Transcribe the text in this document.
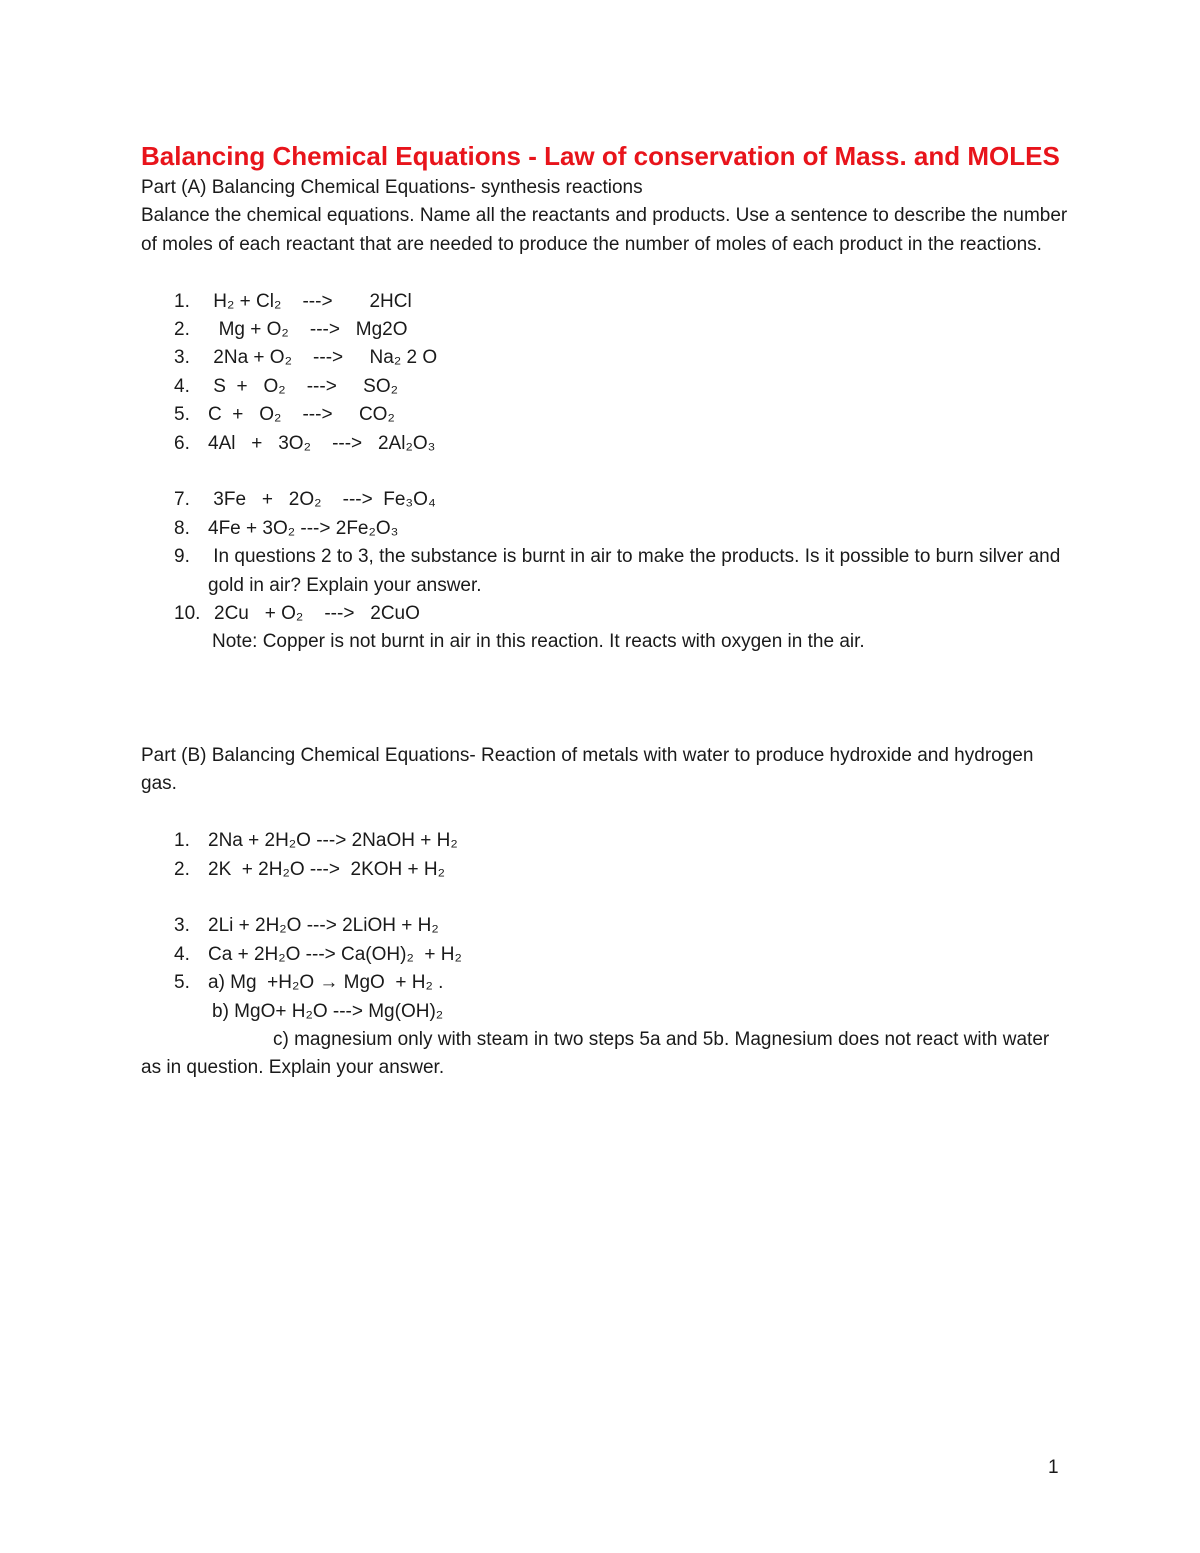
Balancing Chemical Equations - Law of conservation of Mass. and MOLES

Part (A) Balancing Chemical Equations- synthesis reactions

Balance the chemical equations. Name all the reactants and products. Use a sentence to describe the number of moles of each reactant that are needed to produce the number of moles of each product in the reactions.

1. H₂ + Cl₂    --->       2HCl
2. Mg + O₂    --->   Mg2O
3. 2Na + O₂    --->     Na₂ 2 O
4. S  +   O₂    --->     SO₂
5. C  +   O₂    --->     CO₂
6. 4Al   +   3O₂    --->   2Al₂O₃
7. 3Fe   +   2O₂    --->  Fe₃O₄
8. 4Fe + 3O₂ ---> 2Fe₂O₃
9. In questions 2 to 3, the substance is burnt in air to make the products. Is it possible to burn silver and gold in air? Explain your answer.
10. 2Cu   + O₂    --->   2CuO

Note: Copper is not burnt in air in this reaction. It reacts with oxygen in the air.

Part (B) Balancing Chemical Equations- Reaction of metals with water to produce hydroxide and hydrogen gas.

1. 2Na + 2H₂O ---> 2NaOH + H₂
2. 2K  + 2H₂O --->  2KOH + H₂
3. 2Li + 2H₂O ---> 2LiOH + H₂
4. Ca + 2H₂O ---> Ca(OH)₂  + H₂
5. a) Mg  +H₂O → MgO  + H₂ .

b) MgO+ H₂O ---> Mg(OH)₂

c) magnesium only with steam in two steps 5a and 5b. Magnesium does not react with water as in question. Explain your answer.

1
